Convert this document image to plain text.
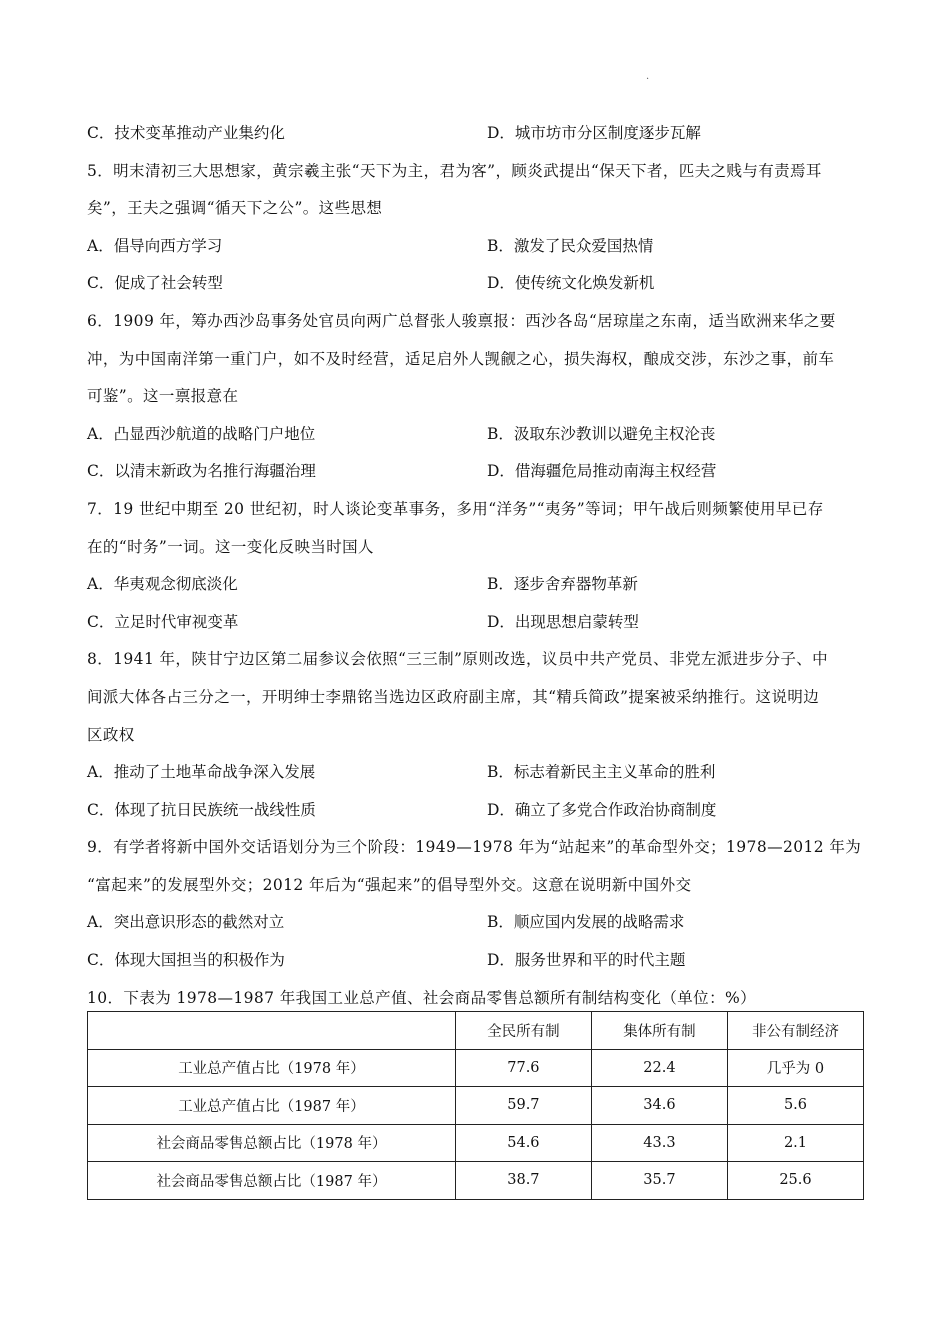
·
C．技术变革推动产业集约化	D．城市坊市分区制度逐步瓦解
5．明末清初三大思想家，黄宗羲主张“天下为主，君为客”，顾炎武提出“保天下者，匹夫之贱与有责焉耳
矣”，王夫之强调“循天下之公”。这些思想
A．倡导向西方学习	B．激发了民众爱国热情
C．促成了社会转型	D．使传统文化焕发新机
6．1909 年，筹办西沙岛事务处官员向两广总督张人骏禀报：西沙各岛“居琼崖之东南，适当欧洲来华之要
冲，为中国南洋第一重门户，如不及时经营，适足启外人觊觎之心，损失海权，酿成交涉，东沙之事，前车
可鉴”。这一禀报意在
A．凸显西沙航道的战略门户地位	B．汲取东沙教训以避免主权沦丧
C．以清末新政为名推行海疆治理	D．借海疆危局推动南海主权经营
7．19 世纪中期至 20 世纪初，时人谈论变革事务，多用“洋务”“夷务”等词；甲午战后则频繁使用早已存
在的“时务”一词。这一变化反映当时国人
A．华夷观念彻底淡化	B．逐步舍弃器物革新
C．立足时代审视变革	D．出现思想启蒙转型
8．1941 年，陕甘宁边区第二届参议会依照“三三制”原则改选，议员中共产党员、非党左派进步分子、中
间派大体各占三分之一，开明绅士李鼎铭当选边区政府副主席，其“精兵简政”提案被采纳推行。这说明边
区政权
A．推动了土地革命战争深入发展	B．标志着新民主主义革命的胜利
C．体现了抗日民族统一战线性质	D．确立了多党合作政治协商制度
9．有学者将新中国外交话语划分为三个阶段：1949—1978 年为“站起来”的革命型外交；1978—2012 年为
“富起来”的发展型外交；2012 年后为“强起来”的倡导型外交。这意在说明新中国外交
A．突出意识形态的截然对立	B．顺应国内发展的战略需求
C．体现大国担当的积极作为	D．服务世界和平的时代主题
10．下表为 1978—1987 年我国工业总产值、社会商品零售总额所有制结构变化（单位：%）
	全民所有制	集体所有制	非公有制经济
工业总产值占比（1978 年）	77.6	22.4	几乎为 0
工业总产值占比（1987 年）	59.7	34.6	5.6
社会商品零售总额占比（1978 年）	54.6	43.3	2.1
社会商品零售总额占比（1987 年）	38.7	35.7	25.6
